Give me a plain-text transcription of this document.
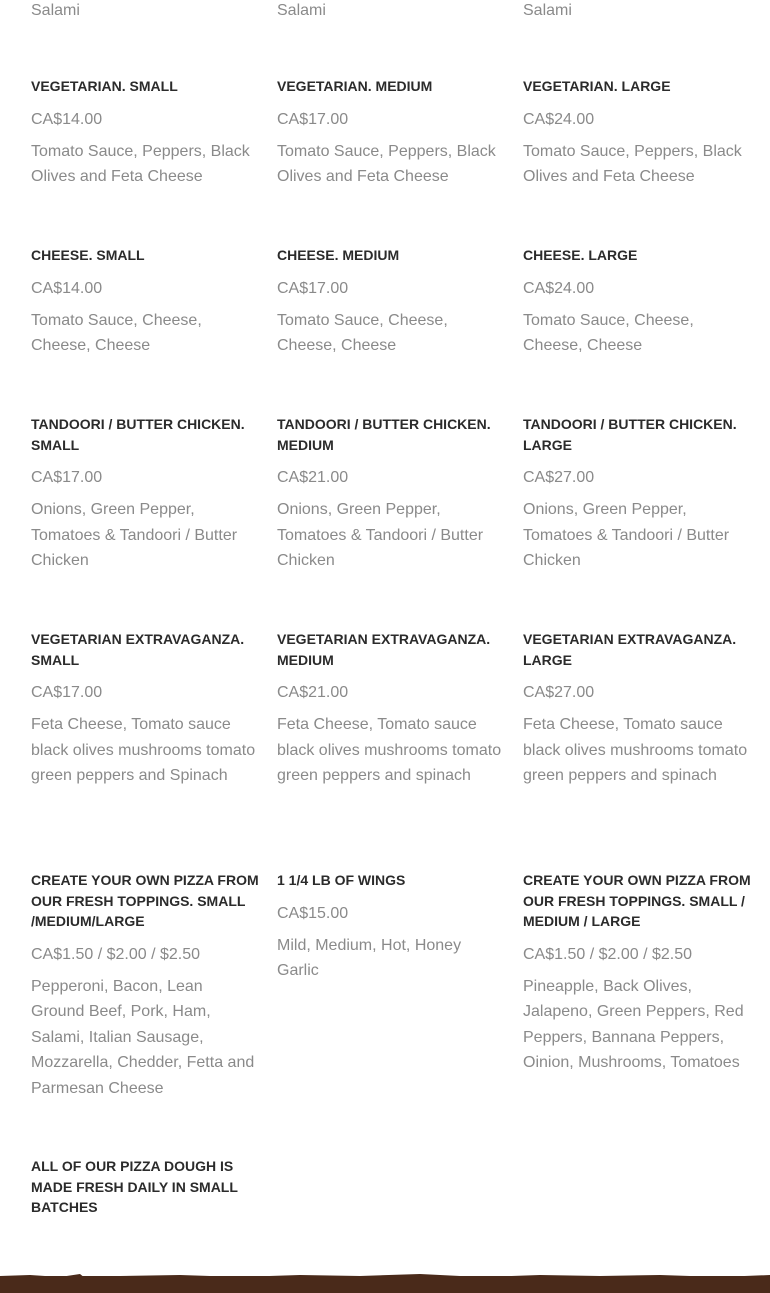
Salami	Salami	Salami
VEGETARIAN. SMALL
CA$14.00
Tomato Sauce, Peppers, Black Olives and Feta Cheese
VEGETARIAN. MEDIUM
CA$17.00
Tomato Sauce, Peppers, Black Olives and Feta Cheese
VEGETARIAN. LARGE
CA$24.00
Tomato Sauce, Peppers, Black Olives and Feta Cheese
CHEESE. SMALL
CA$14.00
Tomato Sauce, Cheese, Cheese, Cheese
CHEESE. MEDIUM
CA$17.00
Tomato Sauce, Cheese, Cheese, Cheese
CHEESE. LARGE
CA$24.00
Tomato Sauce, Cheese, Cheese, Cheese
TANDOORI / BUTTER CHICKEN. SMALL
CA$17.00
Onions, Green Pepper, Tomatoes & Tandoori / Butter Chicken
TANDOORI / BUTTER CHICKEN. MEDIUM
CA$21.00
Onions, Green Pepper, Tomatoes & Tandoori / Butter Chicken
TANDOORI / BUTTER CHICKEN. LARGE
CA$27.00
Onions, Green Pepper, Tomatoes & Tandoori / Butter Chicken
VEGETARIAN EXTRAVAGANZA. SMALL
CA$17.00
Feta Cheese, Tomato sauce black olives mushrooms tomato green peppers and Spinach
VEGETARIAN EXTRAVAGANZA. MEDIUM
CA$21.00
Feta Cheese, Tomato sauce black olives mushrooms tomato green peppers and spinach
VEGETARIAN EXTRAVAGANZA. LARGE
CA$27.00
Feta Cheese, Tomato sauce black olives mushrooms tomato green peppers and spinach
CREATE YOUR OWN PIZZA FROM OUR FRESH TOPPINGS. SMALL /MEDIUM/LARGE
CA$1.50 / $2.00 / $2.50
Pepperoni, Bacon, Lean Ground Beef, Pork, Ham, Salami, Italian Sausage, Mozzarella, Chedder, Fetta and Parmesan Cheese
1 1/4 LB OF WINGS
CA$15.00
Mild, Medium, Hot, Honey Garlic
CREATE YOUR OWN PIZZA FROM OUR FRESH TOPPINGS. SMALL / MEDIUM / LARGE
CA$1.50 / $2.00 / $2.50
Pineapple, Back Olives, Jalapeno, Green Peppers, Red Peppers, Bannana Peppers, Oinion, Mushrooms, Tomatoes
ALL OF OUR PIZZA DOUGH IS MADE FRESH DAILY IN SMALL BATCHES
